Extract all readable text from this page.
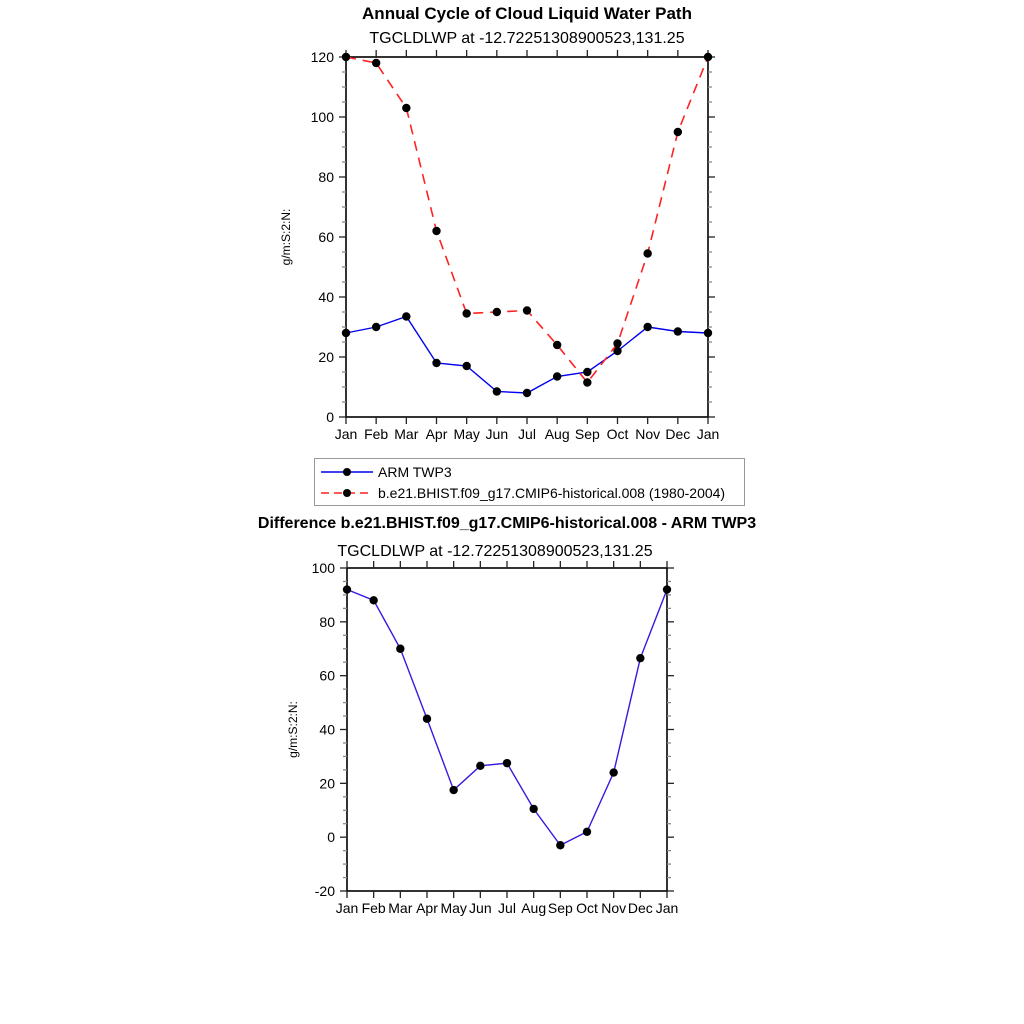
Annual Cycle of Cloud Liquid Water Path
TGCLDLWP at -12.72251308900523,131.25
0
20
40
60
80
100
120
Jan Feb Mar Apr May Jun Jul Aug Sep Oct Nov Dec Jan
g/m:S:2:N:
ARM TWP3
b.e21.BHIST.f09_g17.CMIP6-historical.008 (1980-2004)
Difference b.e21.BHIST.f09_g17.CMIP6-historical.008 - ARM TWP3
TGCLDLWP at -12.72251308900523,131.25
-20
0
20
40
60
80
100
Jan Feb Mar Apr May Jun Jul Aug Sep Oct Nov Dec Jan
g/m:S:2:N:
